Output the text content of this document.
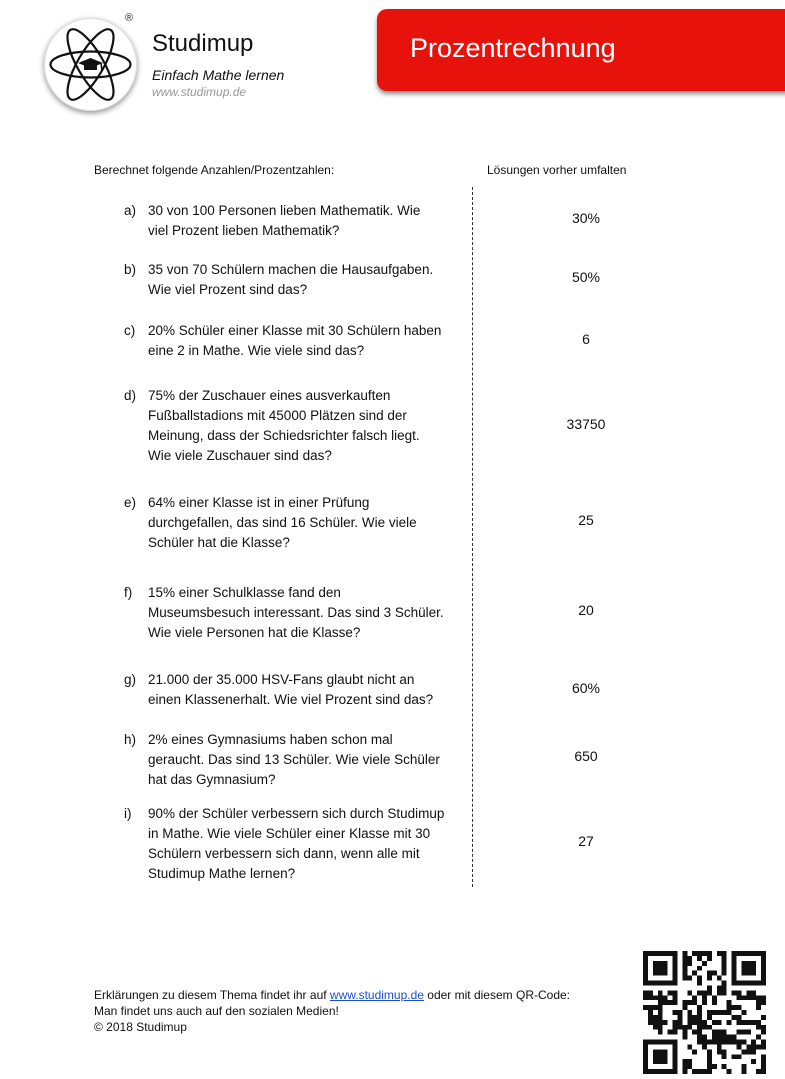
®
Studimup
Einfach Mathe lernen
www.studimup.de
Prozentrechnung
Berechnet folgende Anzahlen/Prozentzahlen:	Lösungen vorher umfalten
a) 30 von 100 Personen lieben Mathematik. Wie
viel Prozent lieben Mathematik?
b) 35 von 70 Schülern machen die Hausaufgaben.
Wie viel Prozent sind das?
c) 20% Schüler einer Klasse mit 30 Schülern haben
eine 2 in Mathe. Wie viele sind das?
d) 75% der Zuschauer eines ausverkauften
Fußballstadions mit 45000 Plätzen sind der
Meinung, dass der Schiedsrichter falsch liegt.
Wie viele Zuschauer sind das?
e) 64% einer Klasse ist in einer Prüfung
durchgefallen, das sind 16 Schüler. Wie viele
Schüler hat die Klasse?
f) 15% einer Schulklasse fand den
Museumsbesuch interessant. Das sind 3 Schüler.
Wie viele Personen hat die Klasse?
g) 21.000 der 35.000 HSV-Fans glaubt nicht an
einen Klassenerhalt. Wie viel Prozent sind das?
h) 2% eines Gymnasiums haben schon mal
geraucht. Das sind 13 Schüler. Wie viele Schüler
hat das Gymnasium?
i) 90% der Schüler verbessern sich durch Studimup
in Mathe. Wie viele Schüler einer Klasse mit 30
Schülern verbessern sich dann, wenn alle mit
Studimup Mathe lernen?
30%
50%
6
33750
25
20
60%
650
27
Erklärungen zu diesem Thema findet ihr auf www.studimup.de oder mit diesem QR-Code:
Man findet uns auch auf den sozialen Medien!
© 2018 Studimup
